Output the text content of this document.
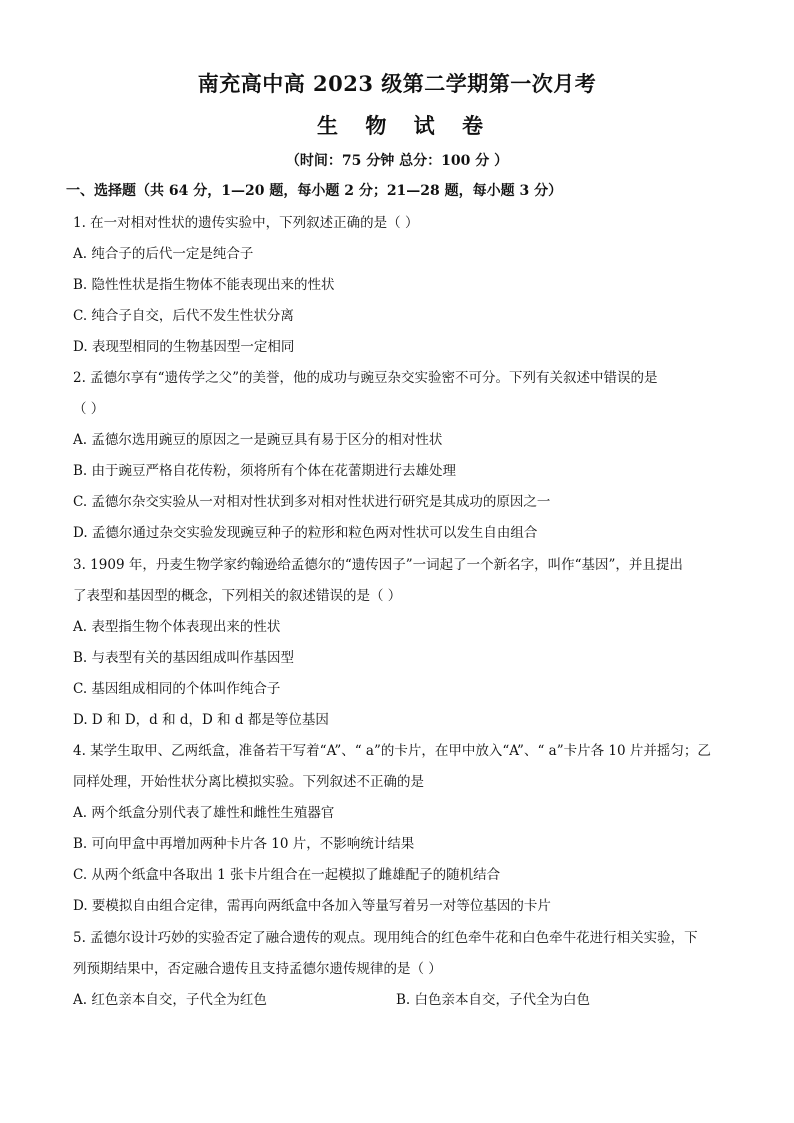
南充高中高 2023 级第二学期第一次月考
生 物 试 卷
（时间：75 分钟 总分：100 分 ）
一、选择题（共 64 分，1—20 题，每小题 2 分；21—28 题，每小题 3 分）
1. 在一对相对性状的遗传实验中，下列叙述正确的是（ ）
A. 纯合子的后代一定是纯合子
B. 隐性性状是指生物体不能表现出来的性状
C. 纯合子自交，后代不发生性状分离
D. 表现型相同的生物基因型一定相同
2. 孟德尔享有“遗传学之父”的美誉，他的成功与豌豆杂交实验密不可分。下列有关叙述中错误的是
（ ）
A. 孟德尔选用豌豆的原因之一是豌豆具有易于区分的相对性状
B. 由于豌豆严格自花传粉，须将所有个体在花蕾期进行去雄处理
C. 孟德尔杂交实验从一对相对性状到多对相对性状进行研究是其成功的原因之一
D. 孟德尔通过杂交实验发现豌豆种子的粒形和粒色两对性状可以发生自由组合
3. 1909 年，丹麦生物学家约翰逊给孟德尔的“遗传因子”一词起了一个新名字，叫作“基因”，并且提出
了表型和基因型的概念，下列相关的叙述错误的是（ ）
A. 表型指生物个体表现出来的性状
B. 与表型有关的基因组成叫作基因型
C. 基因组成相同的个体叫作纯合子
D. D 和 D，d 和 d，D 和 d 都是等位基因
4. 某学生取甲、乙两纸盒，准备若干写着“A”、“ a”的卡片，在甲中放入“A”、“ a”卡片各 10 片并摇匀；乙
同样处理，开始性状分离比模拟实验。下列叙述不正确的是
A. 两个纸盒分别代表了雄性和雌性生殖器官
B. 可向甲盒中再增加两种卡片各 10 片，不影响统计结果
C. 从两个纸盒中各取出 1 张卡片组合在一起模拟了雌雄配子的随机结合
D. 要模拟自由组合定律，需再向两纸盒中各加入等量写着另一对等位基因的卡片
5. 孟德尔设计巧妙的实验否定了融合遗传的观点。现用纯合的红色牵牛花和白色牵牛花进行相关实验，下
列预期结果中，否定融合遗传且支持孟德尔遗传规律的是（ ）
A. 红色亲本自交，子代全为红色	B. 白色亲本自交，子代全为白色
